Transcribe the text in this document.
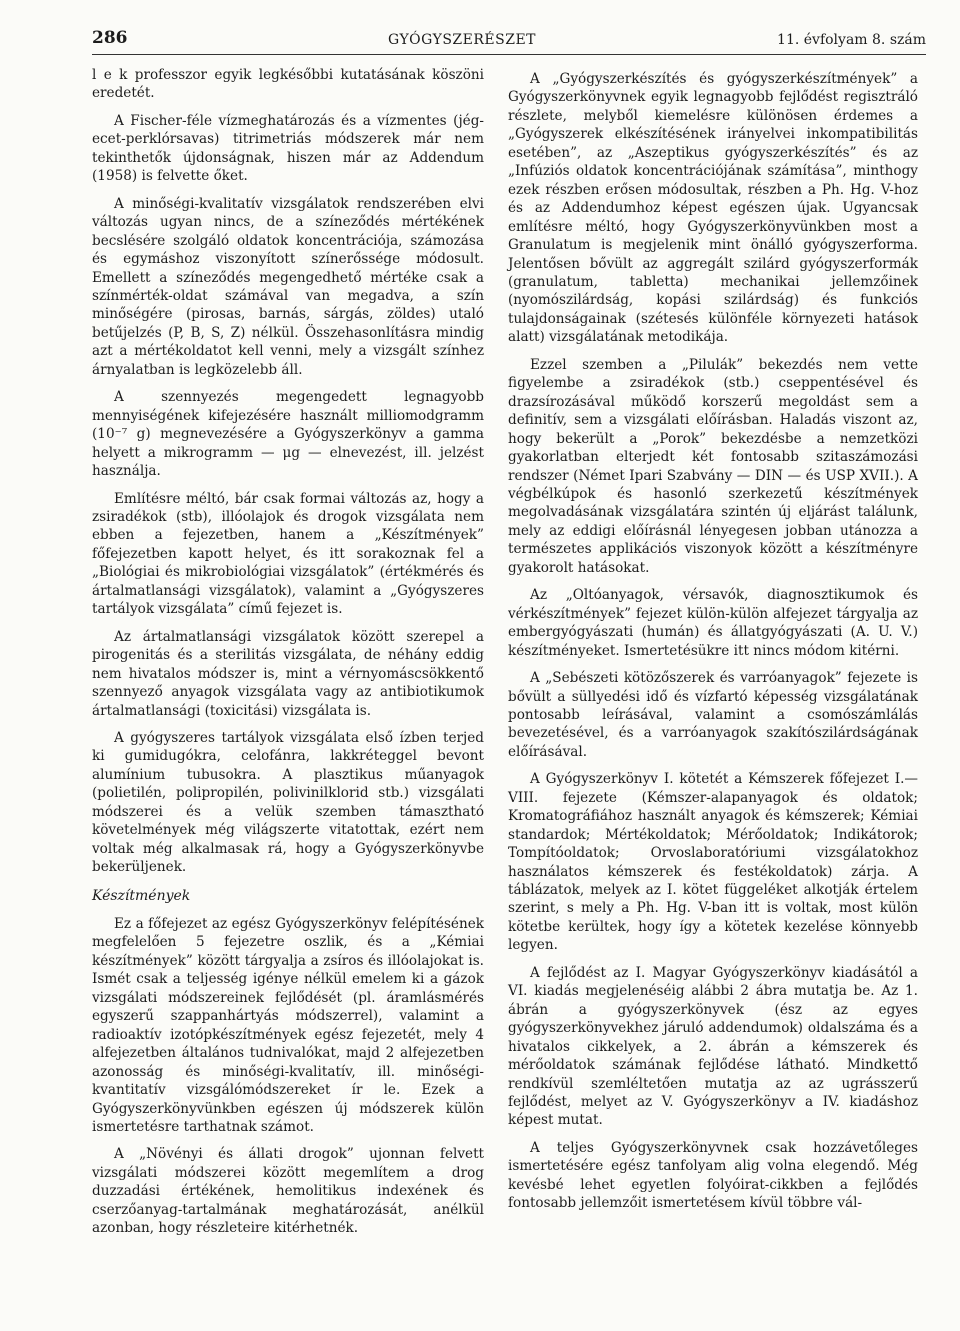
286	GYÓGYSZERÉSZET	11. évfolyam 8. szám

l e k professzor egyik legkésőbbi kutatásának köszöni eredetét.

A Fischer-féle vízmeghatározás és a vízmentes (jég-ecet-perklórsavas) titrimetriás módszerek már nem tekinthetők újdonságnak, hiszen már az Addendum (1958) is felvette őket.

A minőségi-kvalitatív vizsgálatok rendszerében elvi változás ugyan nincs, de a színeződés mértékének becslésére szolgáló oldatok koncentrációja, számozása és egymáshoz viszonyított színerőssége módosult. Emellett a színeződés megengedhető mértéke csak a színmérték-oldat számával van megadva, a szín minőségére (pirosas, barnás, sárgás, zöldes) utaló betűjelzés (P, B, S, Z) nélkül. Összehasonlításra mindig azt a mértékoldatot kell venni, mely a vizsgált színhez árnyalatban is legközelebb áll.

A szennyezés megengedett legnagyobb mennyiségének kifejezésére használt milliomodgramm (10⁻⁷ g) megnevezésére a Gyógyszerkönyv a gamma helyett a mikrogramm — μg — elnevezést, ill. jelzést használja.

Említésre méltó, bár csak formai változás az, hogy a zsiradékok (stb), illóolajok és drogok vizsgálata nem ebben a fejezetben, hanem a „Készítmények” főfejezetben kapott helyet, és itt sorakoznak fel a „Biológiai és mikrobiológiai vizsgálatok” (értékmérés és ártalmatlansági vizsgálatok), valamint a „Gyógyszeres tartályok vizsgálata” című fejezet is.

Az ártalmatlansági vizsgálatok között szerepel a pirogenitás és a sterilitás vizsgálata, de néhány eddig nem hivatalos módszer is, mint a vérnyomáscsökkentő szennyező anyagok vizsgálata vagy az antibiotikumok ártalmatlansági (toxicitási) vizsgálata is.

A gyógyszeres tartályok vizsgálata első ízben terjed ki gumidugókra, celofánra, lakkréteggel bevont alumínium tubusokra. A plasztikus műanyagok (polietilén, polipropilén, polivinilklorid stb.) vizsgálati módszerei és a velük szemben támasztható követelmények még világszerte vitatottak, ezért nem voltak még alkalmasak rá, hogy a Gyógyszerkönyvbe bekerüljenek.

Készítmények

Ez a főfejezet az egész Gyógyszerkönyv felépítésének megfelelően 5 fejezetre oszlik, és a „Kémiai készítmények” között tárgyalja a zsíros és illóolajokat is. Ismét csak a teljesség igénye nélkül emelem ki a gázok vizsgálati módszereinek fejlődését (pl. áramlásmérés egyszerű szappanhártyás módszerrel), valamint a radioaktív izotópkészítmények egész fejezetét, mely 4 alfejezetben általános tudnivalókat, majd 2 alfejezetben azonosság és minőségi-kvalitatív, ill. minőségi-kvantitatív vizsgálómódszereket ír le. Ezek a Gyógyszerkönyvünkben egészen új módszerek külön ismertetésre tarthatnak számot.

A „Növényi és állati drogok” ujonnan felvett vizsgálati módszerei között megemlítem a drog duzzadási értékének, hemolitikus indexének és cserzőanyag-tartalmának meghatározását, anélkül azonban, hogy részleteire kitérhetnék.

A „Gyógyszerkészítés és gyógyszerkészítmények” a Gyógyszerkönyvnek egyik legnagyobb fejlődést regisztráló részlete, melyből kiemelésre különösen érdemes a „Gyógyszerek elkészítésének irányelvei inkompatibilitás esetében”, az „Aszeptikus gyógyszerkészítés” és az „Infúziós oldatok koncentrációjának számítása”, minthogy ezek részben erősen módosultak, részben a Ph. Hg. V-hoz és az Addendumhoz képest egészen újak. Ugyancsak említésre méltó, hogy Gyógyszerkönyvünkben most a Granulatum is megjelenik mint önálló gyógyszerforma. Jelentősen bővült az aggregált szilárd gyógyszerformák (granulatum, tabletta) mechanikai jellemzőinek (nyomószilárdság, kopási szilárdság) és funkciós tulajdonságainak (szétesés különféle környezeti hatások alatt) vizsgálatának metodikája.

Ezzel szemben a „Pilulák” bekezdés nem vette figyelembe a zsiradékok (stb.) cseppentésével és drazsírozásával működő korszerű megoldást sem a definitív, sem a vizsgálati előírásban. Haladás viszont az, hogy bekerült a „Porok” bekezdésbe a nemzetközi gyakorlatban elterjedt két fontosabb szitaszámozási rendszer (Német Ipari Szabvány — DIN — és USP XVII.). A végbélkúpok és hasonló szerkezetű készítmények megolvadásának vizsgálatára szintén új eljárást találunk, mely az eddigi előírásnál lényegesen jobban utánozza a természetes applikációs viszonyok között a készítményre gyakorolt hatásokat.

Az „Oltóanyagok, vérsavók, diagnosztikumok és vérkészítmények” fejezet külön-külön alfejezet tárgyalja az embergyógyászati (humán) és állatgyógyászati (A. U. V.) készítményeket. Ismertetésükre itt nincs módom kitérni.

A „Sebészeti kötözőszerek és varróanyagok” fejezete is bővült a süllyedési idő és vízfartó képesség vizsgálatának pontosabb leírásával, valamint a csomószámlálás bevezetésével, és a varróanyagok szakítószilárdságának előírásával.

A Gyógyszerkönyv I. kötetét a Kémszerek főfejezet I.—VIII. fejezete (Kémszer-alapanyagok és oldatok; Kromatográfiához használt anyagok és kémszerek; Kémiai standardok; Mértékoldatok; Mérőoldatok; Indikátorok; Tompítóoldatok; Orvoslaboratóriumi vizsgálatokhoz használatos kémszerek és festékoldatok) zárja. A táblázatok, melyek az I. kötet függeléket alkotják értelem szerint, s mely a Ph. Hg. V-ban itt is voltak, most külön kötetbe kerültek, hogy így a kötetek kezelése könnyebb legyen.

A fejlődést az I. Magyar Gyógyszerkönyv kiadásától a VI. kiadás megjelenéséig alábbi 2 ábra mutatja be. Az 1. ábrán a gyógyszerkönyvek (ész az egyes gyógyszerkönyvekhez járuló addendumok) oldalszáma és a hivatalos cikkelyek, a 2. ábrán a kémszerek és mérőoldatok számának fejlődése látható. Mindkettő rendkívül szemléltetően mutatja az az ugrásszerű fejlődést, melyet az V. Gyógyszerkönyv a IV. kiadáshoz képest mutat.

A teljes Gyógyszerkönyvnek csak hozzávetőleges ismertetésére egész tanfolyam alig volna elegendő. Még kevésbé lehet egyetlen folyóirat-cikkben a fejlődés fontosabb jellemzőit ismertetésem kívül többre vál-
